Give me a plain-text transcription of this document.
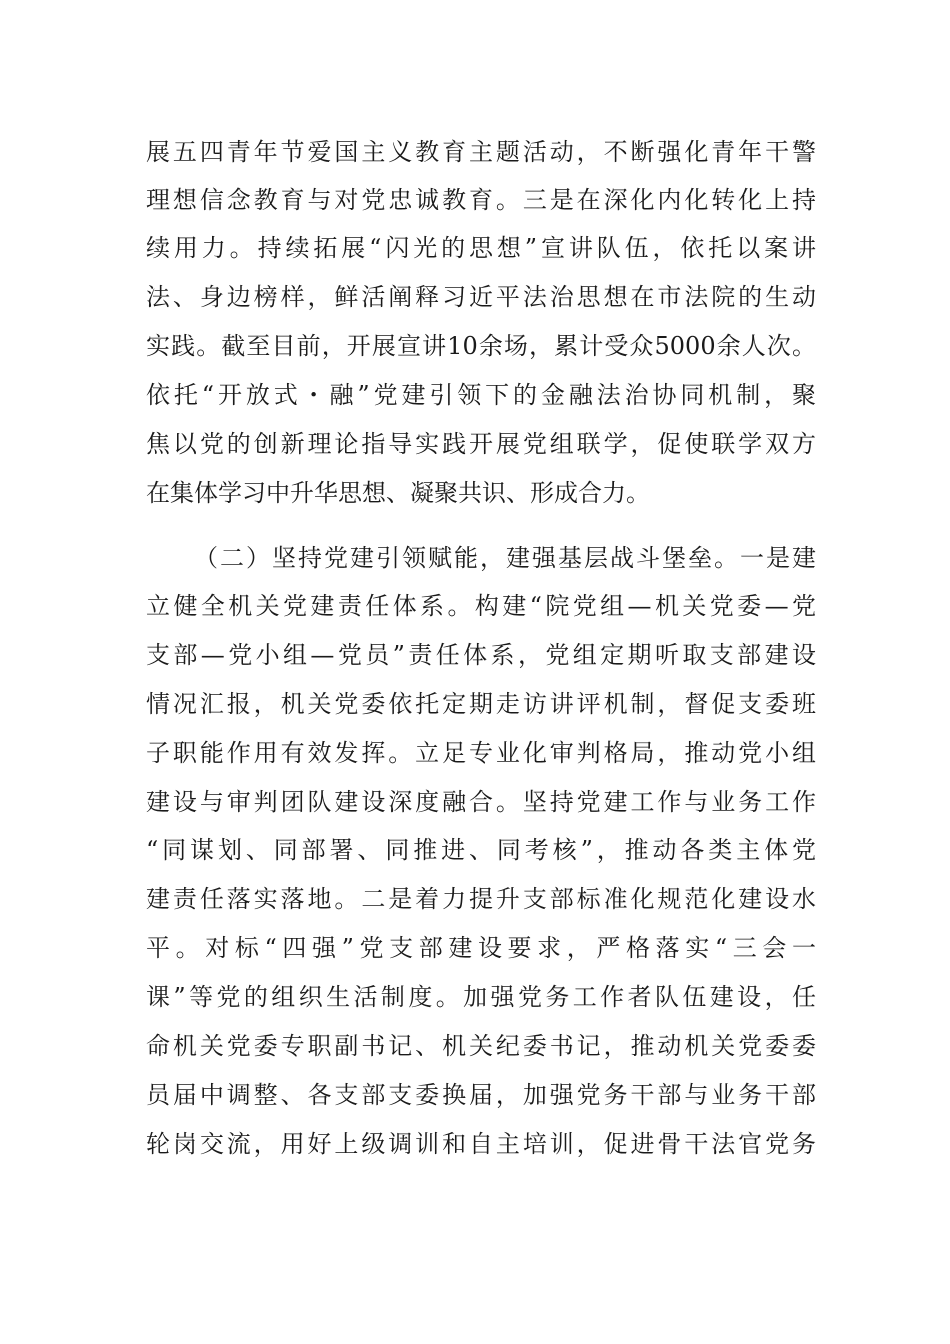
展五四青年节爱国主义教育主题活动，不断强化青年干警
理想信念教育与对党忠诚教育。三是在深化内化转化上持
续用力。持续拓展“闪光的思想”宣讲队伍，依托以案讲
法、身边榜样，鲜活阐释习近平法治思想在市法院的生动
实践。截至目前，开展宣讲10余场，累计受众5000余人次。
依托“开放式・融”党建引领下的金融法治协同机制，聚
焦以党的创新理论指导实践开展党组联学，促使联学双方
在集体学习中升华思想、凝聚共识、形成合力。
（二）坚持党建引领赋能，建强基层战斗堡垒。一是建
立健全机关党建责任体系。构建“院党组—机关党委—党
支部—党小组—党员”责任体系，党组定期听取支部建设
情况汇报，机关党委依托定期走访讲评机制，督促支委班
子职能作用有效发挥。立足专业化审判格局，推动党小组
建设与审判团队建设深度融合。坚持党建工作与业务工作
“同谋划、同部署、同推进、同考核”，推动各类主体党
建责任落实落地。二是着力提升支部标准化规范化建设水
平。对标“四强”党支部建设要求，严格落实“三会一
课”等党的组织生活制度。加强党务工作者队伍建设，任
命机关党委专职副书记、机关纪委书记，推动机关党委委
员届中调整、各支部支委换届，加强党务干部与业务干部
轮岗交流，用好上级调训和自主培训，促进骨干法官党务
